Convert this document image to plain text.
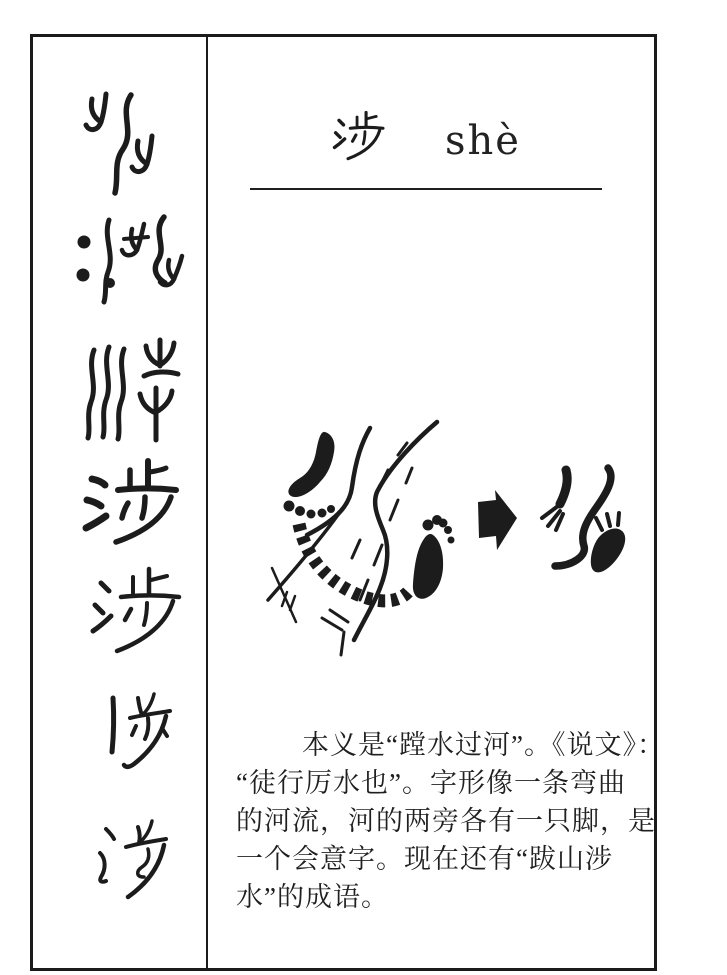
shè
本义是“蹚水过河”。《说文》：
“徒行厉水也”。字形像一条弯曲
的河流，河的两旁各有一只脚，是
一个会意字。现在还有“跋山涉
水”的成语。
